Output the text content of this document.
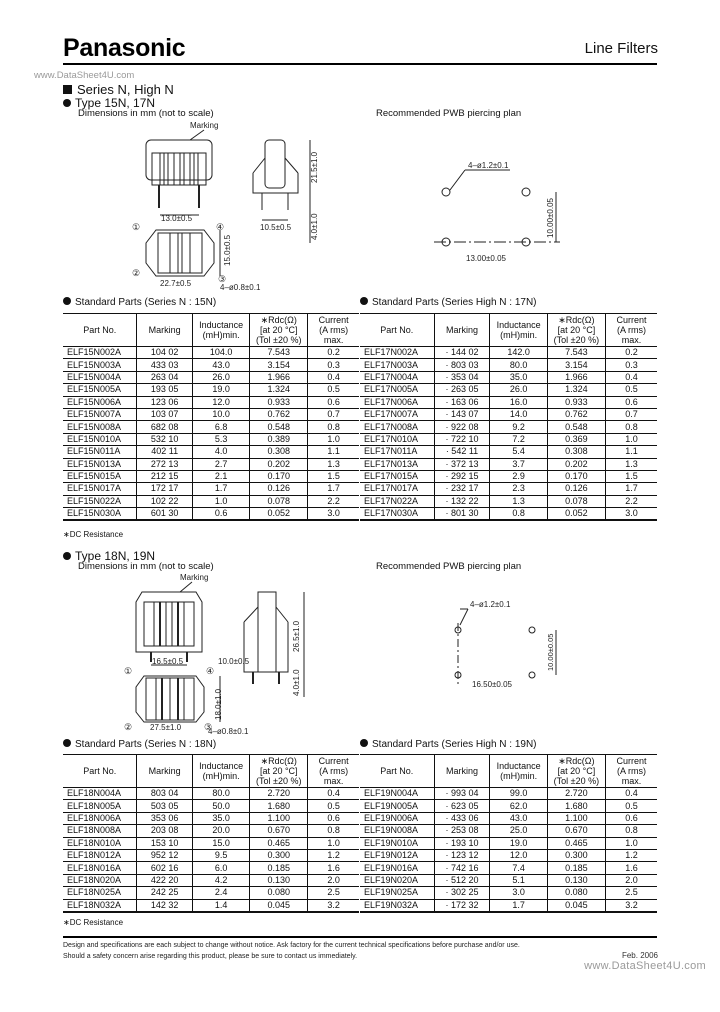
Panasonic	Line Filters
www.DataSheet4U.com
Series N, High N
Type 15N, 17N
Dimensions in mm (not to scale)	Recommended PWB piercing plan
Marking
13.0±0.5
21.5±1.0
4.0±1.0
10.5±0.5
15.0±0.5
①
②
③
④
22.7±0.5	4–ø0.8±0.1
4–ø1.2±0.1
10.00±0.05
13.00±0.05
Standard Parts (Series N : 15N)
Part No.	Marking	Inductance
(mH)min.	∗Rdc(Ω)
[at 20 °C]
(Tol ±20 %)	Current
(A rms)
max.
ELF15N002A	104 02	104.0	7.543	0.2
ELF15N003A	433 03	43.0	3.154	0.3
ELF15N004A	263 04	26.0	1.966	0.4
ELF15N005A	193 05	19.0	1.324	0.5
ELF15N006A	123 06	12.0	0.933	0.6
ELF15N007A	103 07	10.0	0.762	0.7
ELF15N008A	682 08	6.8	0.548	0.8
ELF15N010A	532 10	5.3	0.389	1.0
ELF15N011A	402 11	4.0	0.308	1.1
ELF15N013A	272 13	2.7	0.202	1.3
ELF15N015A	212 15	2.1	0.170	1.5
ELF15N017A	172 17	1.7	0.126	1.7
ELF15N022A	102 22	1.0	0.078	2.2
ELF15N030A	601 30	0.6	0.052	3.0
∗DC Resistance
Standard Parts (Series High N : 17N)
Part No.	Marking	Inductance
(mH)min.	∗Rdc(Ω)
[at 20 °C]
(Tol ±20 %)	Current
(A rms)
max.
ELF17N002A	· 144 02	142.0	7.543	0.2
ELF17N003A	· 803 03	80.0	3.154	0.3
ELF17N004A	· 353 04	35.0	1.966	0.4
ELF17N005A	· 263 05	26.0	1.324	0.5
ELF17N006A	· 163 06	16.0	0.933	0.6
ELF17N007A	· 143 07	14.0	0.762	0.7
ELF17N008A	· 922 08	9.2	0.548	0.8
ELF17N010A	· 722 10	7.2	0.369	1.0
ELF17N011A	· 542 11	5.4	0.308	1.1
ELF17N013A	· 372 13	3.7	0.202	1.3
ELF17N015A	· 292 15	2.9	0.170	1.5
ELF17N017A	· 232 17	2.3	0.126	1.7
ELF17N022A	· 132 22	1.3	0.078	2.2
ELF17N030A	· 801 30	0.8	0.052	3.0
Type 18N, 19N
Dimensions in mm (not to scale)	Recommended PWB piercing plan
Marking
16.5±0.5
26.5±1.0
4.0±1.0
10.0±0.5
18.0±1.0
①
②	③
④
27.5±1.0	4–ø0.8±0.1
4–ø1.2±0.1
10.00±0.05
16.50±0.05
Standard Parts (Series N : 18N)
Part No.	Marking	Inductance
(mH)min.	∗Rdc(Ω)
[at 20 °C]
(Tol ±20 %)	Current
(A rms)
max.
ELF18N004A	803 04	80.0	2.720	0.4
ELF18N005A	503 05	50.0	1.680	0.5
ELF18N006A	353 06	35.0	1.100	0.6
ELF18N008A	203 08	20.0	0.670	0.8
ELF18N010A	153 10	15.0	0.465	1.0
ELF18N012A	952 12	9.5	0.300	1.2
ELF18N016A	602 16	6.0	0.185	1.6
ELF18N020A	422 20	4.2	0.130	2.0
ELF18N025A	242 25	2.4	0.080	2.5
ELF18N032A	142 32	1.4	0.045	3.2
∗DC Resistance
Standard Parts (Series High N : 19N)
Part No.	Marking	Inductance
(mH)min.	∗Rdc(Ω)
[at 20 °C]
(Tol ±20 %)	Current
(A rms)
max.
ELF19N004A	· 993 04	99.0	2.720	0.4
ELF19N005A	· 623 05	62.0	1.680	0.5
ELF19N006A	· 433 06	43.0	1.100	0.6
ELF19N008A	· 253 08	25.0	0.670	0.8
ELF19N010A	· 193 10	19.0	0.465	1.0
ELF19N012A	· 123 12	12.0	0.300	1.2
ELF19N016A	· 742 16	7.4	0.185	1.6
ELF19N020A	· 512 20	5.1	0.130	2.0
ELF19N025A	· 302 25	3.0	0.080	2.5
ELF19N032A	· 172 32	1.7	0.045	3.2
Design and specifications are each subject to change without notice. Ask factory for the current technical specifications before purchase and/or use.
Should a safety concern arise regarding this product, please be sure to contact us immediately.	Feb. 2006
www.DataSheet4U.com
